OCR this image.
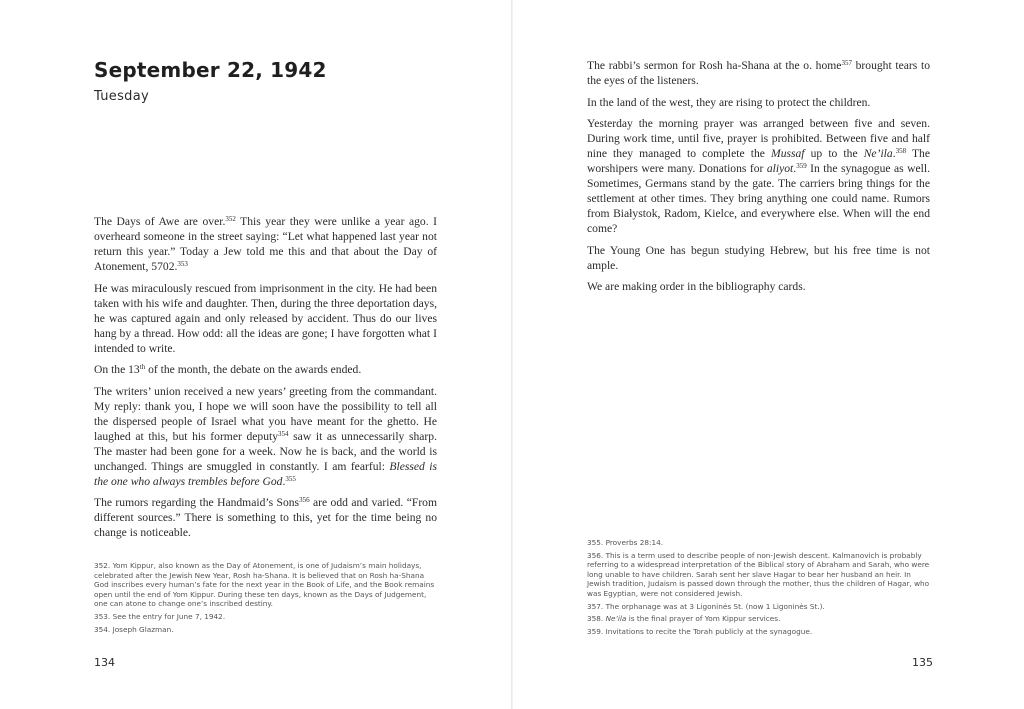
September 22, 1942
Tuesday

The Days of Awe are over.$^{352}$ This year they were unlike a year ago. I overheard someone in the street saying: “Let what happened last year not return this year.” Today a Jew told me this and that about the Day of Atonement, 5702.$^{353}$

He was miraculously rescued from imprisonment in the city. He had been taken with his wife and daughter. Then, during the three deportation days, he was captured again and only released by accident. Thus do our lives hang by a thread. How odd: all the ideas are gone; I have forgotten what I intended to write.

On the 13th of the month, the debate on the awards ended.

The writers’ union received a new years’ greeting from the commandant. My reply: thank you, I hope we will soon have the possibility to tell all the dispersed people of Israel what you have meant for the ghetto. He laughed at this, but his former deputy$^{354}$ saw it as unnecessarily sharp. The master had been gone for a week. Now he is back, and the world is unchanged. Things are smuggled in constantly. I am fearful: Blessed is the one who always trembles before God.$^{355}$

The rumors regarding the Handmaid’s Sons$^{356}$ are odd and varied. “From different sources.” There is something to this, yet for the time being no change is noticeable.

352. Yom Kippur, also known as the Day of Atonement, is one of Judaism’s main holidays, celebrated after the Jewish New Year, Rosh ha-Shana. It is believed that on Rosh ha-Shana God inscribes every human’s fate for the next year in the Book of Life, and the Book remains open until the end of Yom Kippur. During these ten days, known as the Days of Judgement, one can atone to change one’s inscribed destiny.

353. See the entry for June 7, 1942.

354. Joseph Glazman.

134

The rabbi’s sermon for Rosh ha-Shana at the o. home$^{357}$ brought tears to the eyes of the listeners.

In the land of the west, they are rising to protect the children.

Yesterday the morning prayer was arranged between five and seven. During work time, until five, prayer is prohibited. Between five and half nine they managed to complete the Mussaf up to the Ne’ila.$^{358}$ The worshipers were many. Donations for aliyot.$^{359}$ In the synagogue as well. Sometimes, Germans stand by the gate. The carriers bring things for the settlement at other times. They bring anything one could name. Rumors from Białystok, Radom, Kielce, and everywhere else. When will the end come?

The Young One has begun studying Hebrew, but his free time is not ample.

We are making order in the bibliography cards.

355. Proverbs 28:14.

356. This is a term used to describe people of non-Jewish descent. Kalmanovich is probably referring to a widespread interpretation of the Biblical story of Abraham and Sarah, who were long unable to have children. Sarah sent her slave Hagar to bear her husband an heir. In Jewish tradition, Judaism is passed down through the mother, thus the children of Hagar, who was Egyptian, were not considered Jewish.

357. The orphanage was at 3 Ligoninės St. (now 1 Ligoninės St.).

358. Ne’ila is the final prayer of Yom Kippur services.

359. Invitations to recite the Torah publicly at the synagogue.

135
